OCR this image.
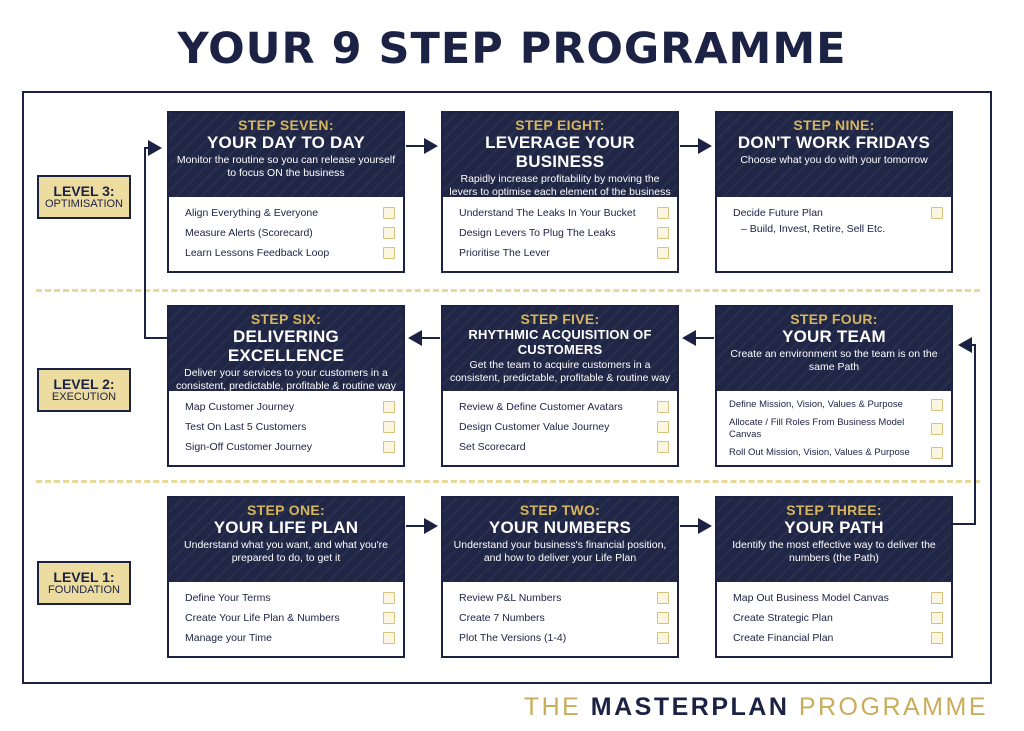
YOUR 9 STEP PROGRAMME
LEVEL 3:
OPTIMISATION
LEVEL 2:
EXECUTION
LEVEL 1:
FOUNDATION
STEP SEVEN:
YOUR DAY TO DAY
Monitor the routine so you can release yourself to focus ON the business
Align Everything & Everyone
Measure Alerts (Scorecard)
Learn Lessons Feedback Loop
STEP EIGHT:
LEVERAGE YOUR BUSINESS
Rapidly increase profitability by moving the levers to optimise each element of the business
Understand The Leaks In Your Bucket
Design Levers To Plug The Leaks
Prioritise The Lever
STEP NINE:
DON'T WORK FRIDAYS
Choose what you do with your tomorrow
Decide Future Plan
– Build, Invest, Retire, Sell Etc.
STEP SIX:
DELIVERING EXCELLENCE
Deliver your services to your customers in a consistent, predictable, profitable & routine way
Map Customer Journey
Test On Last 5 Customers
Sign-Off Customer Journey
STEP FIVE:
RHYTHMIC ACQUISITION OF CUSTOMERS
Get the team to acquire customers in a consistent, predictable, profitable & routine way
Review & Define Customer Avatars
Design Customer Value Journey
Set Scorecard
STEP FOUR:
YOUR TEAM
Create an environment so the team is on the same Path
Define Mission, Vision, Values & Purpose
Allocate / Fill Roles From Business Model Canvas
Roll Out Mission, Vision, Values & Purpose
STEP ONE:
YOUR LIFE PLAN
Understand what you want, and what you're prepared to do, to get it
Define Your Terms
Create Your Life Plan & Numbers
Manage your Time
STEP TWO:
YOUR NUMBERS
Understand your business's financial position, and how to deliver your Life Plan
Review P&L Numbers
Create 7 Numbers
Plot The Versions (1-4)
STEP THREE:
YOUR PATH
Identify the most effective way to deliver the numbers (the Path)
Map Out Business Model Canvas
Create Strategic Plan
Create Financial Plan
THE MASTERPLAN PROGRAMME
